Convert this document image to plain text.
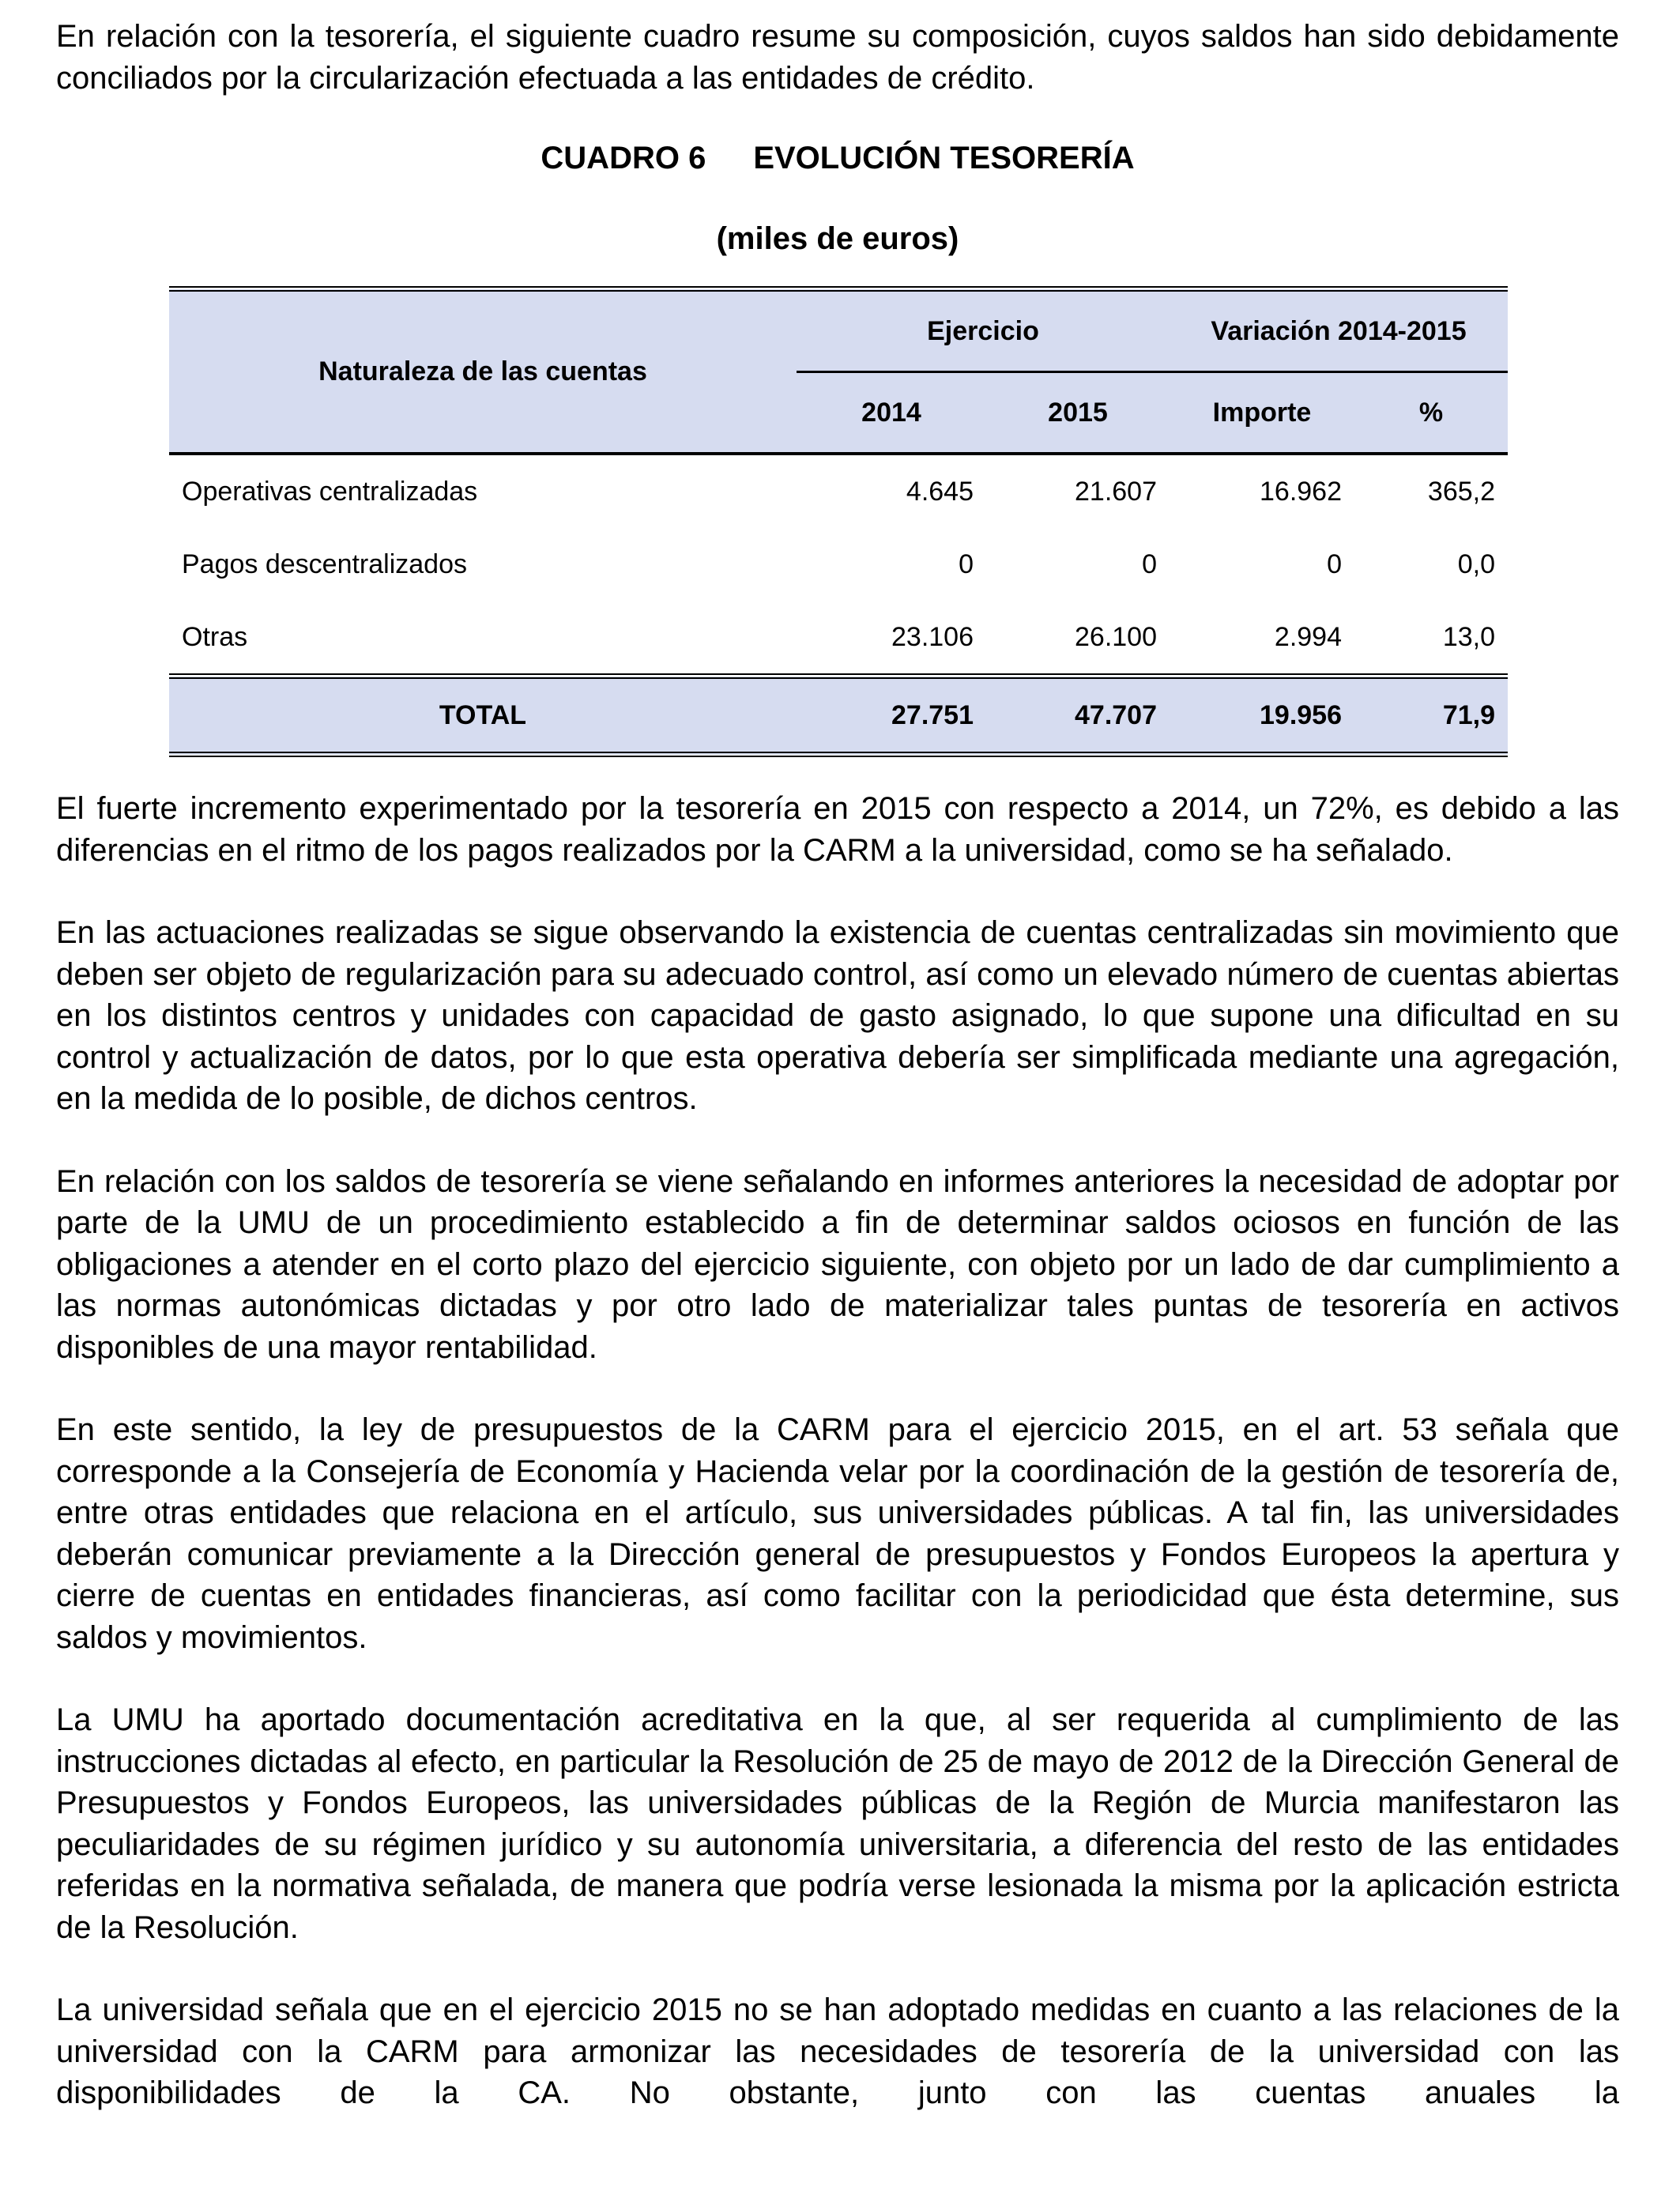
En relación con la tesorería, el siguiente cuadro resume su composición, cuyos saldos han sido debidamente conciliados por la circularización efectuada a las entidades de crédito.

CUADRO 6 EVOLUCIÓN TESORERÍA

(miles de euros)

Naturaleza de las cuentas	Ejercicio		Variación 2014-2015	
	2014	2015	Importe	%
Operativas centralizadas	4.645	21.607	16.962	365,2
Pagos descentralizados	0	0	0	0,0
Otras	23.106	26.100	2.994	13,0
TOTAL	27.751	47.707	19.956	71,9

El fuerte incremento experimentado por la tesorería en 2015 con respecto a 2014, un 72%, es debido a las diferencias en el ritmo de los pagos realizados por la CARM a la universidad, como se ha señalado.

En las actuaciones realizadas se sigue observando la existencia de cuentas centralizadas sin movimiento que deben ser objeto de regularización para su adecuado control, así como un elevado número de cuentas abiertas en los distintos centros y unidades con capacidad de gasto asignado, lo que supone una dificultad en su control y actualización de datos, por lo que esta operativa debería ser simplificada mediante una agregación, en la medida de lo posible, de dichos centros.

En relación con los saldos de tesorería se viene señalando en informes anteriores la necesidad de adoptar por parte de la UMU de un procedimiento establecido a fin de determinar saldos ociosos en función de las obligaciones a atender en el corto plazo del ejercicio siguiente, con objeto por un lado de dar cumplimiento a las normas autonómicas dictadas y por otro lado de materializar tales puntas de tesorería en activos disponibles de una mayor rentabilidad.

En este sentido, la ley de presupuestos de la CARM para el ejercicio 2015, en el art. 53 señala que corresponde a la Consejería de Economía y Hacienda velar por la coordinación de la gestión de tesorería de, entre otras entidades que relaciona en el artículo, sus universidades públicas. A tal fin, las universidades deberán comunicar previamente a la Dirección general de presupuestos y Fondos Europeos la apertura y cierre de cuentas en entidades financieras, así como facilitar con la periodicidad que ésta determine, sus saldos y movimientos.

La UMU ha aportado documentación acreditativa en la que, al ser requerida al cumplimiento de las instrucciones dictadas al efecto, en particular la Resolución de 25 de mayo de 2012 de la Dirección General de Presupuestos y Fondos Europeos, las universidades públicas de la Región de Murcia manifestaron las peculiaridades de su régimen jurídico y su autonomía universitaria, a diferencia del resto de las entidades referidas en la normativa señalada, de manera que podría verse lesionada la misma por la aplicación estricta de la Resolución.

La universidad señala que en el ejercicio 2015 no se han adoptado medidas en cuanto a las relaciones de la universidad con la CARM para armonizar las necesidades de tesorería de la universidad con las disponibilidades de la CA. No obstante, junto con las cuentas anuales la
